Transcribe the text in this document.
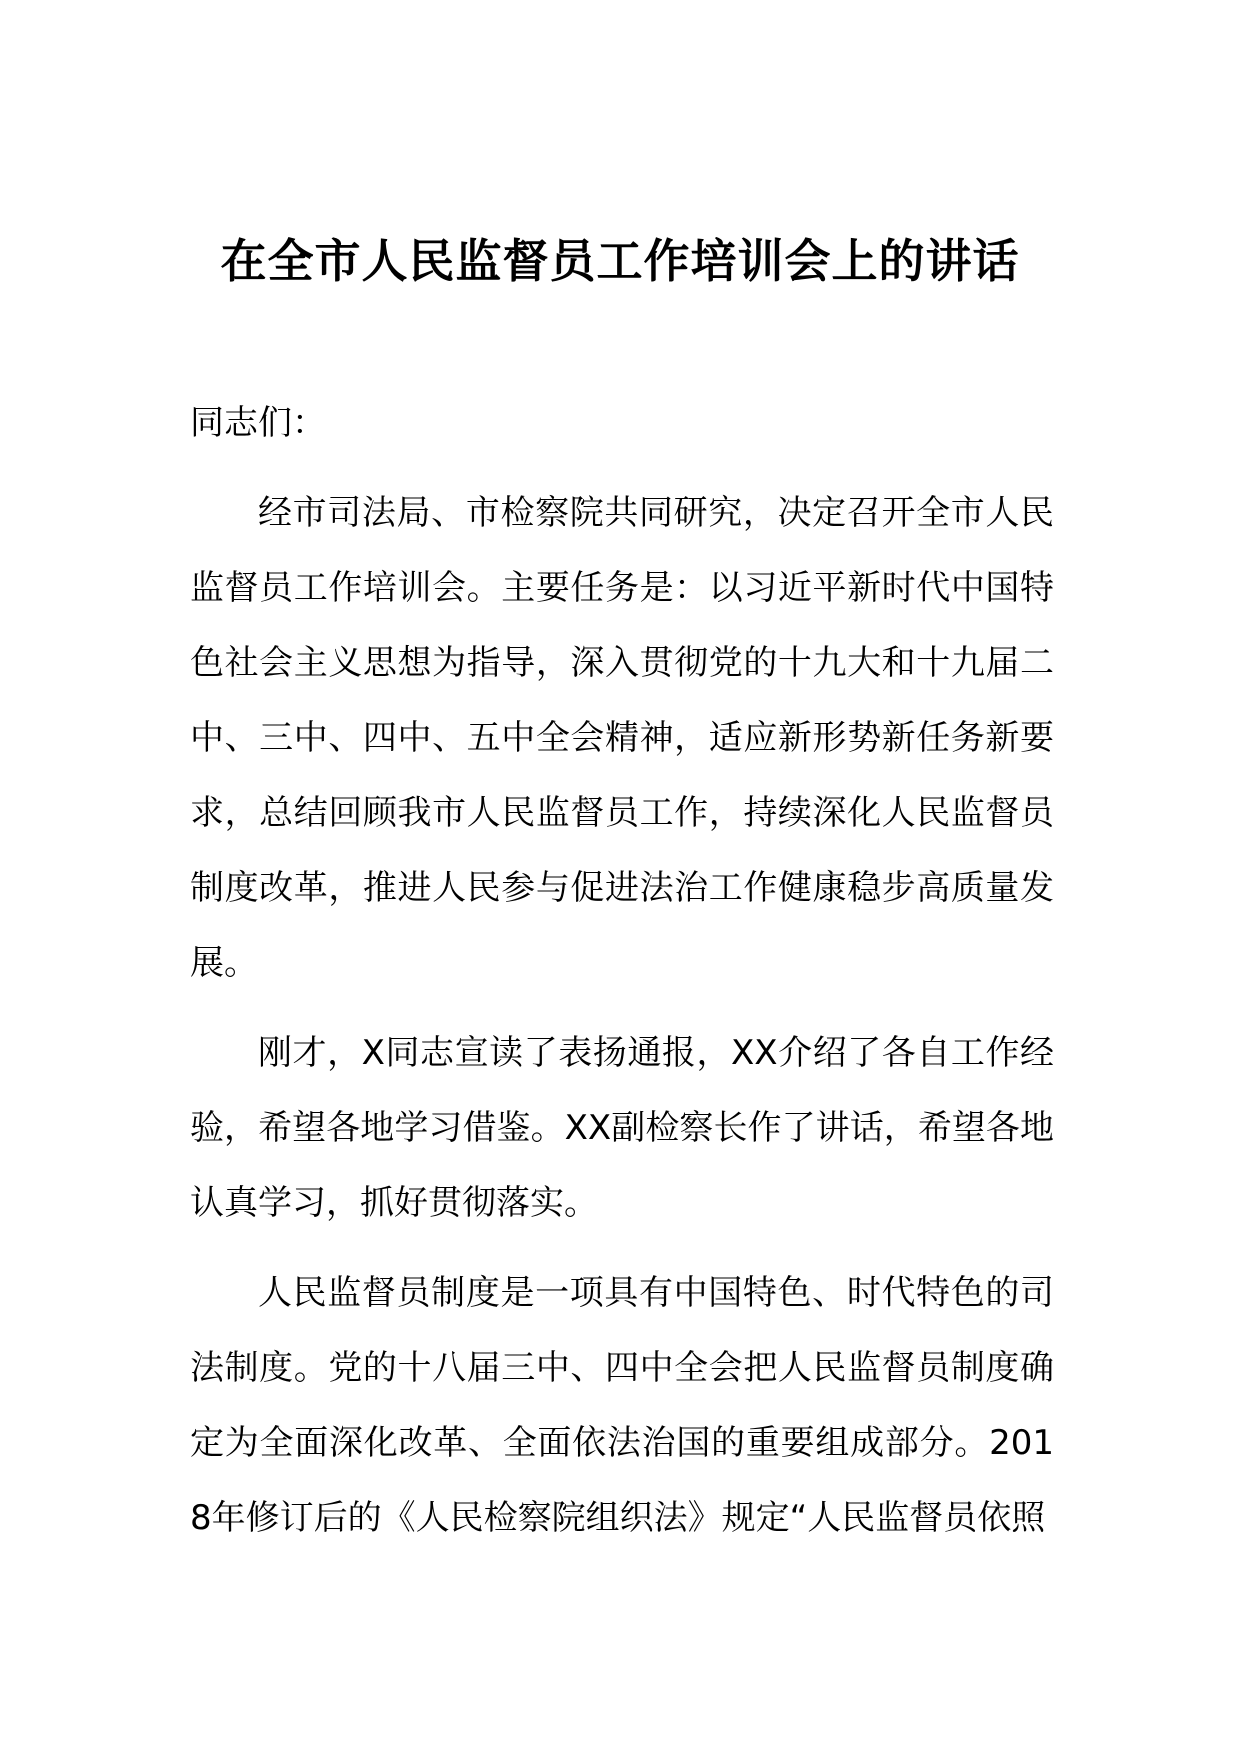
在全市人民监督员工作培训会上的讲话

同志们：

经市司法局、市检察院共同研究，决定召开全市人民监督员工作培训会。主要任务是：以习近平新时代中国特色社会主义思想为指导，深入贯彻党的十九大和十九届二中、三中、四中、五中全会精神，适应新形势新任务新要求，总结回顾我市人民监督员工作，持续深化人民监督员制度改革，推进人民参与促进法治工作健康稳步高质量发展。

刚才，X同志宣读了表扬通报，XX介绍了各自工作经验，希望各地学习借鉴。XX副检察长作了讲话，希望各地认真学习，抓好贯彻落实。

人民监督员制度是一项具有中国特色、时代特色的司法制度。党的十八届三中、四中全会把人民监督员制度确定为全面深化改革、全面依法治国的重要组成部分。2018年修订后的《人民检察院组织法》规定“人民监督员依照
